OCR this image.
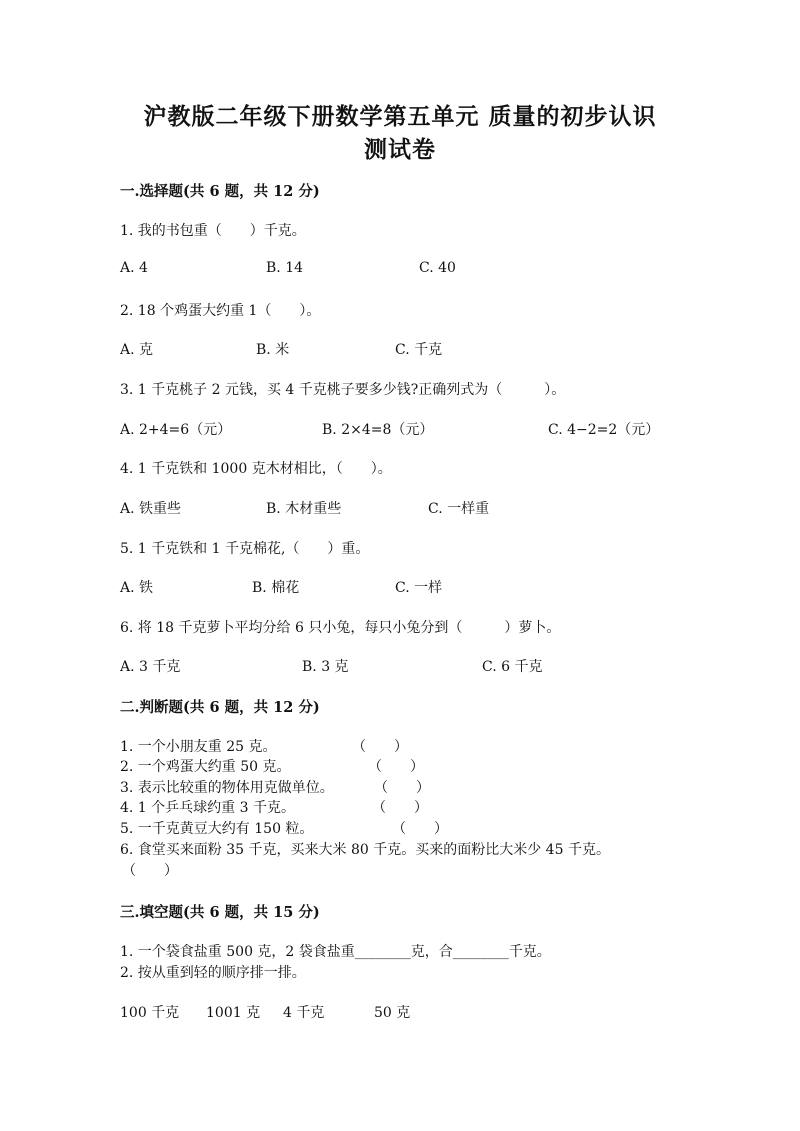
沪教版二年级下册数学第五单元 质量的初步认识
测试卷
一.选择题(共 6 题，共 12 分)
1. 我的书包重（　　）千克。
A. 4	B. 14	C. 40
2. 18 个鸡蛋大约重 1（　　）。
A. 克	B. 米	C. 千克
3. 1 千克桃子 2 元钱，买 4 千克桃子要多少钱?正确列式为（　　　）。
A. 2+4=6（元）	B. 2×4=8（元）	C. 4−2=2（元）
4. 1 千克铁和 1000 克木材相比，（　　）。
A. 铁重些	B. 木材重些	C. 一样重
5. 1 千克铁和 1 千克棉花,（　　）重。
A. 铁	B. 棉花	C. 一样
6. 将 18 千克萝卜平均分给 6 只小兔，每只小兔分到（　　　）萝卜。
A. 3 千克	B. 3 克	C. 6 千克
二.判断题(共 6 题，共 12 分)
1. 一个小朋友重 25 克。	（　　）
2. 一个鸡蛋大约重 50 克。	（　　）
3. 表示比较重的物体用克做单位。	（　　）
4. 1 个乒乓球约重 3 千克。	（　　）
5. 一千克黄豆大约有 150 粒。	（　　）
6. 食堂买来面粉 35 千克，买来大米 80 千克。买来的面粉比大米少 45 千克。
（　　）
三.填空题(共 6 题，共 15 分)
1. 一个袋食盐重 500 克，2 袋食盐重________克，合________千克。
2. 按从重到轻的顺序排一排。
100 千克 1001 克 4 千克	50 克
